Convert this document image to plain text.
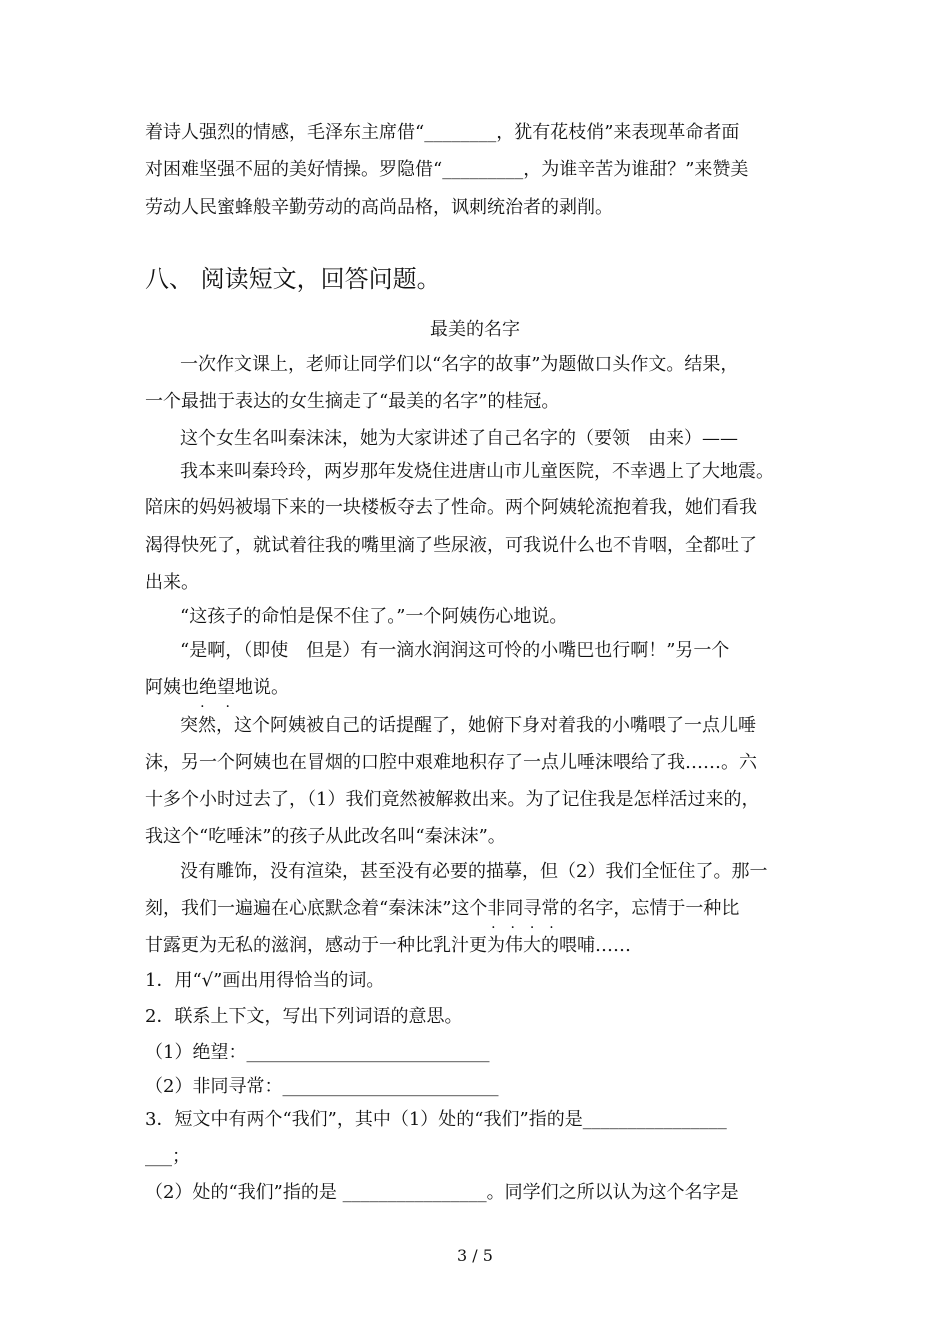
着诗人强烈的情感，毛泽东主席借“________，犹有花枝俏”来表现革命者面
对困难坚强不屈的美好情操。罗隐借“_________，为谁辛苦为谁甜？”来赞美
劳动人民蜜蜂般辛勤劳动的高尚品格，讽刺统治者的剥削。
八、 阅读短文，回答问题。
最美的名字
一次作文课上，老师让同学们以“名字的故事”为题做口头作文。结果，
一个最拙于表达的女生摘走了“最美的名字”的桂冠。
这个女生名叫秦沫沫，她为大家讲述了自己名字的（要领　由来）——
我本来叫秦玲玲，两岁那年发烧住进唐山市儿童医院，不幸遇上了大地震。
陪床的妈妈被塌下来的一块楼板夺去了性命。两个阿姨轮流抱着我，她们看我
渴得快死了，就试着往我的嘴里滴了些尿液，可我说什么也不肯咽，全都吐了
出来。
“这孩子的命怕是保不住了。”一个阿姨伤心地说。
“是啊，（即使　但是）有一滴水润润这可怜的小嘴巴也行啊！”另一个
阿姨也绝望 ·  ·地说。
突然，这个阿姨被自己的话提醒了，她俯下身对着我的小嘴喂了一点儿唾
沫，另一个阿姨也在冒烟的口腔中艰难地积存了一点儿唾沫喂给了我……。六
十多个小时过去了，（1）我们竟然被解救出来。为了记住我是怎样活过来的，
我这个“吃唾沫”的孩子从此改名叫“秦沫沫”。
没有雕饰，没有渲染，甚至没有必要的描摹，但（2）我们全怔住了。那一
刻，我们一遍遍在心底默念着“秦沫沫”这个非同寻常 ·  · 的名字，忘情于一种比
甘露更为无私的滋润，感动于一种比乳汁更为伟大的喂哺……
1．用“√”画出用得恰当的词。
2．联系上下文，写出下列词语的意思。
（1）绝望：___________________________
（2）非同寻常：________________________
3．短文中有两个“我们”，其中（1）处的“我们”指的是________________
___；
（2）处的“我们”指的是 ________________。同学们之所以认为这个名字是
3 / 5
